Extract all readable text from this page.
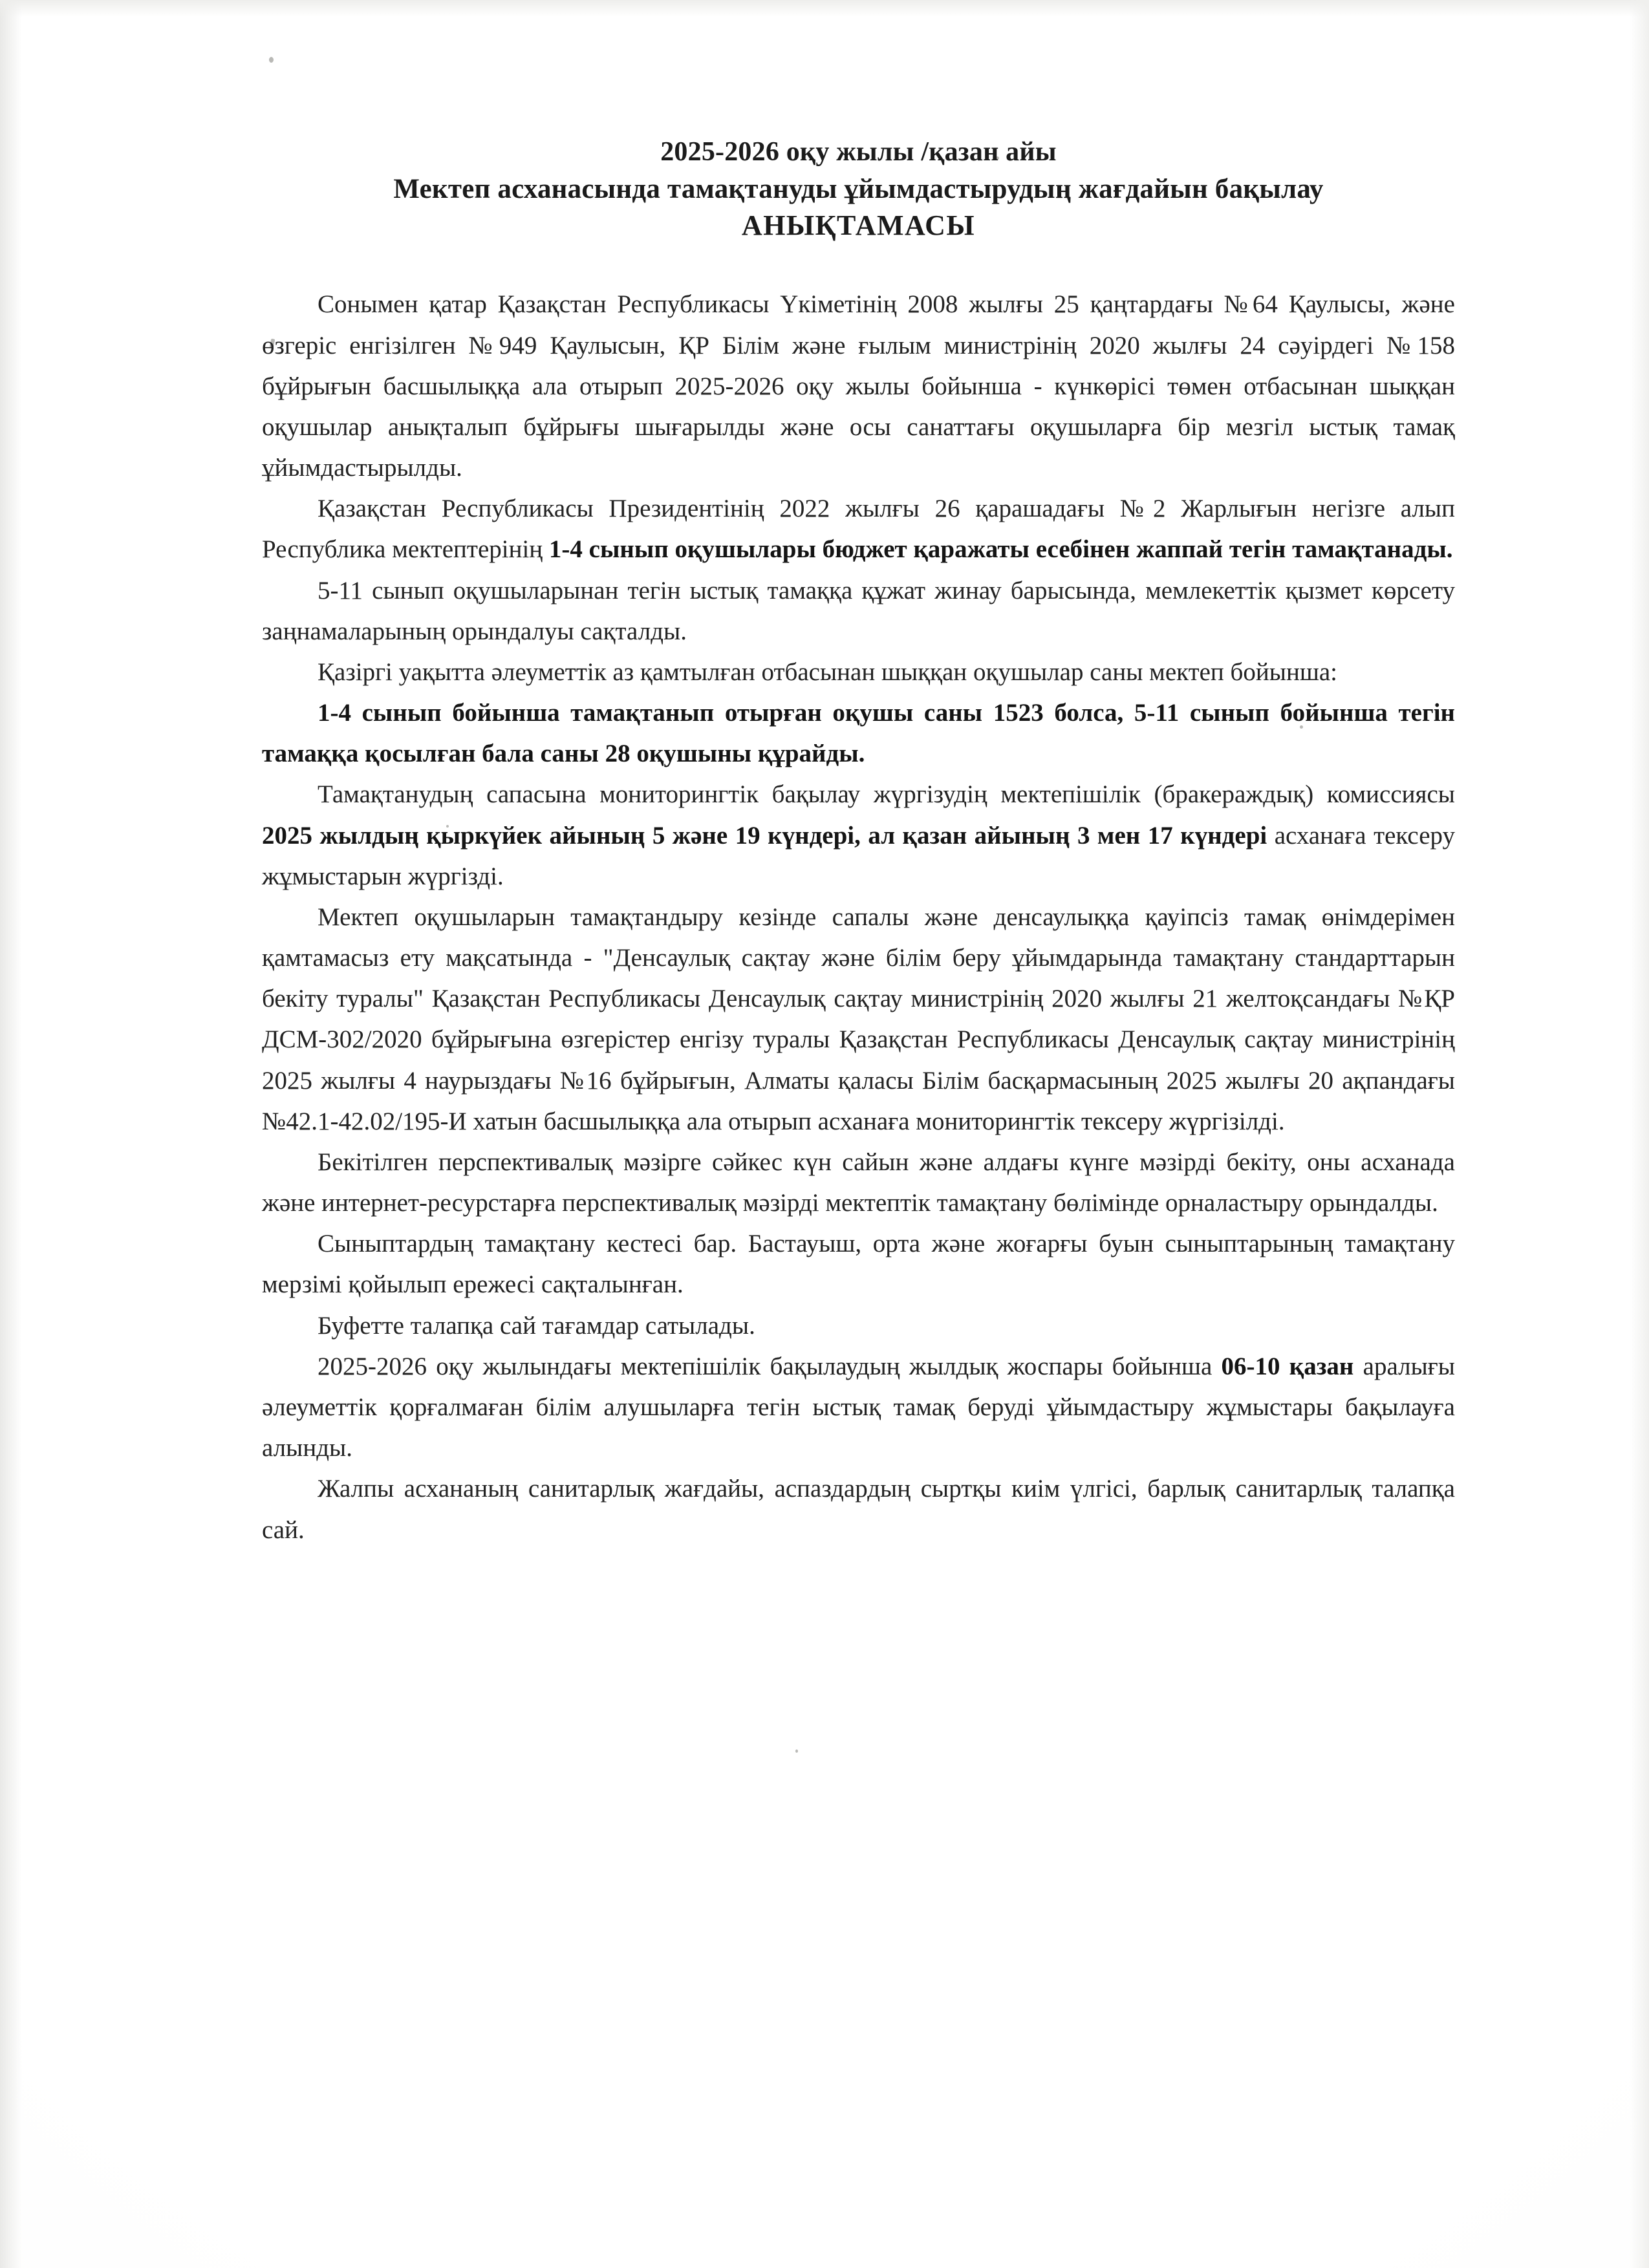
2025-2026 оқу жылы /қазан айы
Мектеп асханасында тамақтануды ұйымдастырудың жағдайын бақылау
АНЫҚТАМАСЫ

Сонымен қатар Қазақстан Республикасы Үкіметінің 2008 жылғы 25 қаңтардағы №64 Қаулысы, және өзгеріс енгізілген №949 Қаулысын, ҚР Білім және ғылым министрінің 2020 жылғы 24 сәуірдегі №158 бұйрығын басшылыққа ала отырып 2025-2026 оқу жылы бойынша - күнкөрісі төмен отбасынан шыққан оқушылар анықталып бұйрығы шығарылды және осы санаттағы оқушыларға бір мезгіл ыстық тамақ ұйымдастырылды.

Қазақстан Республикасы Президентінің 2022 жылғы 26 қарашадағы №2 Жарлығын негізге алып Республика мектептерінің 1-4 сынып оқушылары бюджет қаражаты есебінен жаппай тегін тамақтанады.

5-11 сынып оқушыларынан тегін ыстық тамаққа құжат жинау барысында, мемлекеттік қызмет көрсету заңнамаларының орындалуы сақталды.

Қазіргі уақытта әлеуметтік аз қамтылған отбасынан шыққан оқушылар саны мектеп бойынша:

1-4 сынып бойынша тамақтанып отырған оқушы саны 1523 болса, 5-11 сынып бойынша тегін тамаққа қосылған бала саны 28 оқушыны құрайды.

Тамақтанудың сапасына мониторингтік бақылау жүргізудің мектепішілік (бракераждық) комиссиясы 2025 жылдың қыркүйек айының 5 және 19 күндері, ал қазан айының 3 мен 17 күндері асханаға тексеру жұмыстарын жүргізді.

Мектеп оқушыларын тамақтандыру кезінде сапалы және денсаулыққа қауіпсіз тамақ өнімдерімен қамтамасыз ету мақсатында - "Денсаулық сақтау және білім беру ұйымдарында тамақтану стандарттарын бекіту туралы" Қазақстан Республикасы Денсаулық сақтау министрінің 2020 жылғы 21 желтоқсандағы №ҚР ДСМ-302/2020 бұйрығына өзгерістер енгізу туралы Қазақстан Республикасы Денсаулық сақтау министрінің 2025 жылғы 4 наурыздағы №16 бұйрығын, Алматы қаласы Білім басқармасының 2025 жылғы 20 ақпандағы №42.1-42.02/195-И хатын басшылыққа ала отырып асханаға мониторингтік тексеру жүргізілді.

Бекітілген перспективалық мәзірге сәйкес күн сайын және алдағы күнге мәзірді бекіту, оны асханада және интернет-ресурстарға перспективалық мәзірді мектептік тамақтану бөлімінде орналастыру орындалды.

Сыныптардың тамақтану кестесі бар. Бастауыш, орта және жоғарғы буын сыныптарының тамақтану мерзімі қойылып ережесі сақталынған.

Буфетте талапқа сай тағамдар сатылады.

2025-2026 оқу жылындағы мектепішілік бақылаудың жылдық жоспары бойынша 06-10 қазан аралығы әлеуметтік қорғалмаған білім алушыларға тегін ыстық тамақ беруді ұйымдастыру жұмыстары бақылауға алынды.

Жалпы асхананың санитарлық жағдайы, аспаздардың сыртқы киім үлгісі, барлық санитарлық талапқа сай.
